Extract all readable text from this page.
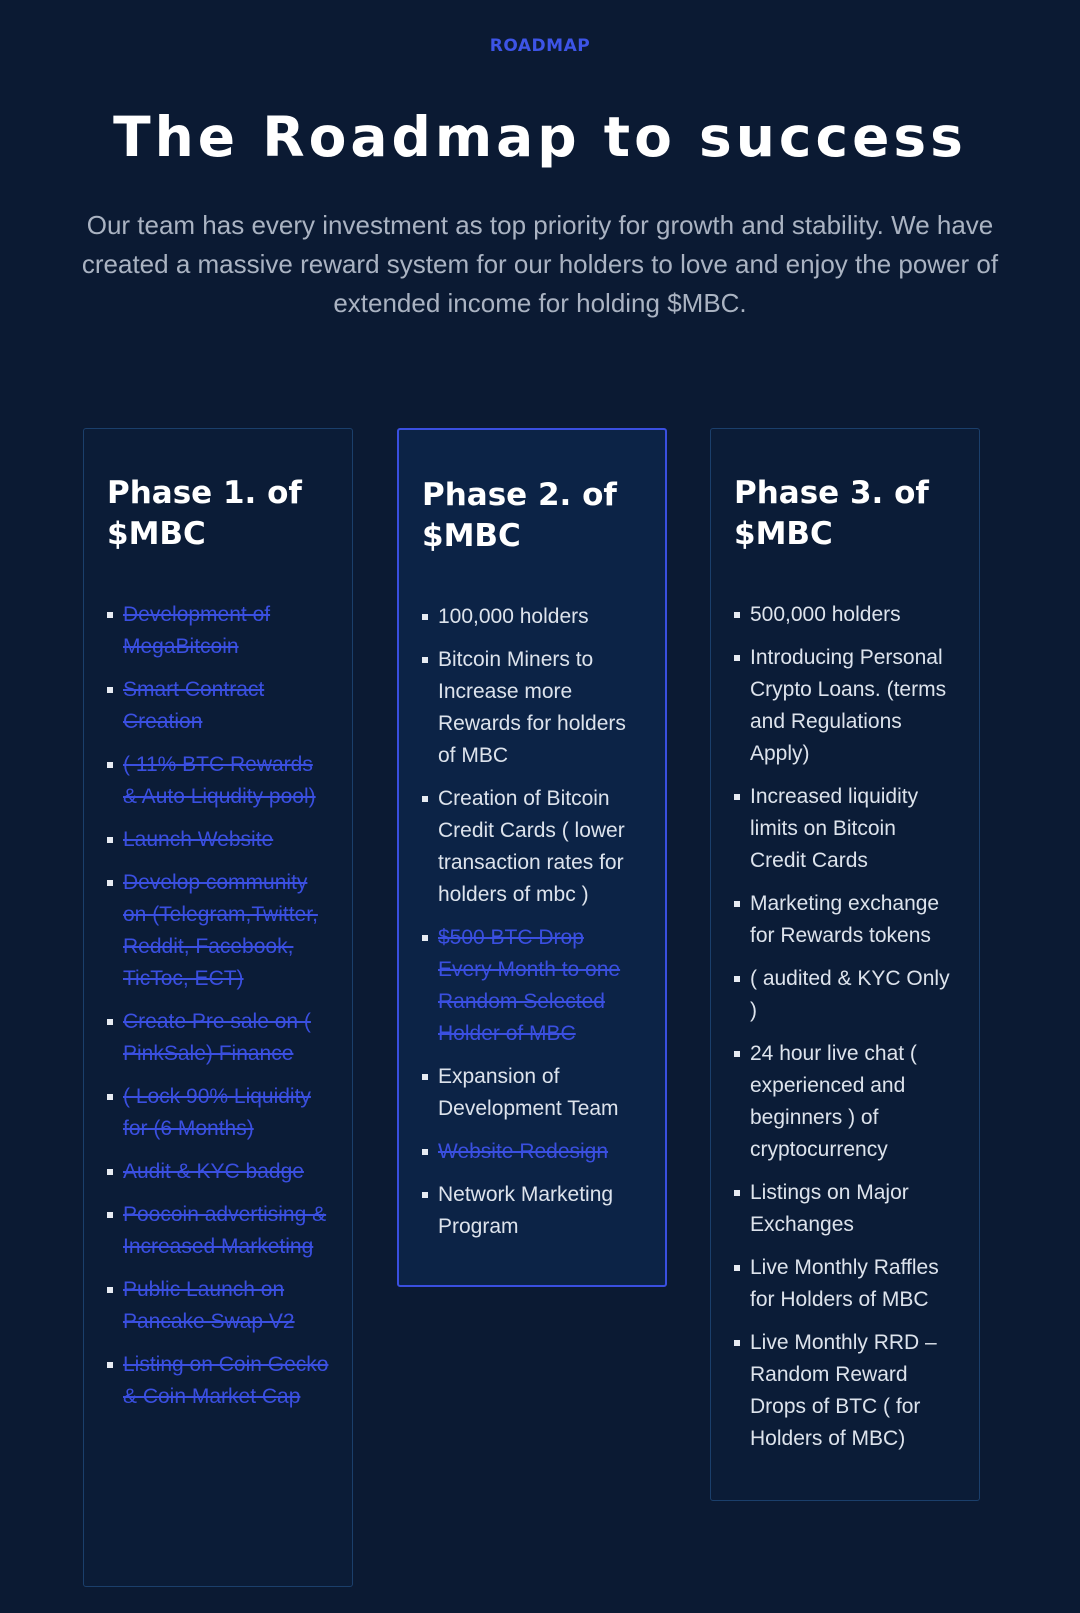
ROADMAP
The Roadmap to success

Our team has every investment as top priority for growth and stability. We have created a massive reward system for our holders to love and enjoy the power of extended income for holding $MBC.

Phase 1. of $MBC
Development of MegaBitcoin
Smart Contract Creation
( 11% BTC Rewards & Auto Liqudity pool)
Launch Website
Develop community on (Telegram,Twitter, Reddit, Facebook, TicToc, ECT)
Create Pre sale on ( PinkSale) Finance
( Lock 90% Liquidity for (6 Months)
Audit & KYC badge
Poocoin advertising & Increased Marketing
Public Launch on Pancake Swap V2
Listing on Coin Gecko & Coin Market Cap
Phase 2. of $MBC
100,000 holders
Bitcoin Miners to Increase more Rewards for holders of MBC
Creation of Bitcoin Credit Cards ( lower transaction rates for holders of mbc )
$500 BTC Drop Every Month to one Random Selected Holder of MBC
Expansion of Development Team
Website Redesign
Network Marketing Program
Phase 3. of $MBC
500,000 holders
Introducing Personal Crypto Loans. (terms and Regulations Apply)
Increased liquidity limits on Bitcoin Credit Cards
Marketing exchange for Rewards tokens
( audited & KYC Only )
24 hour live chat ( experienced and beginners ) of cryptocurrency
Listings on Major Exchanges
Live Monthly Raffles for Holders of MBC
Live Monthly RRD – Random Reward Drops of BTC ( for Holders of MBC)
